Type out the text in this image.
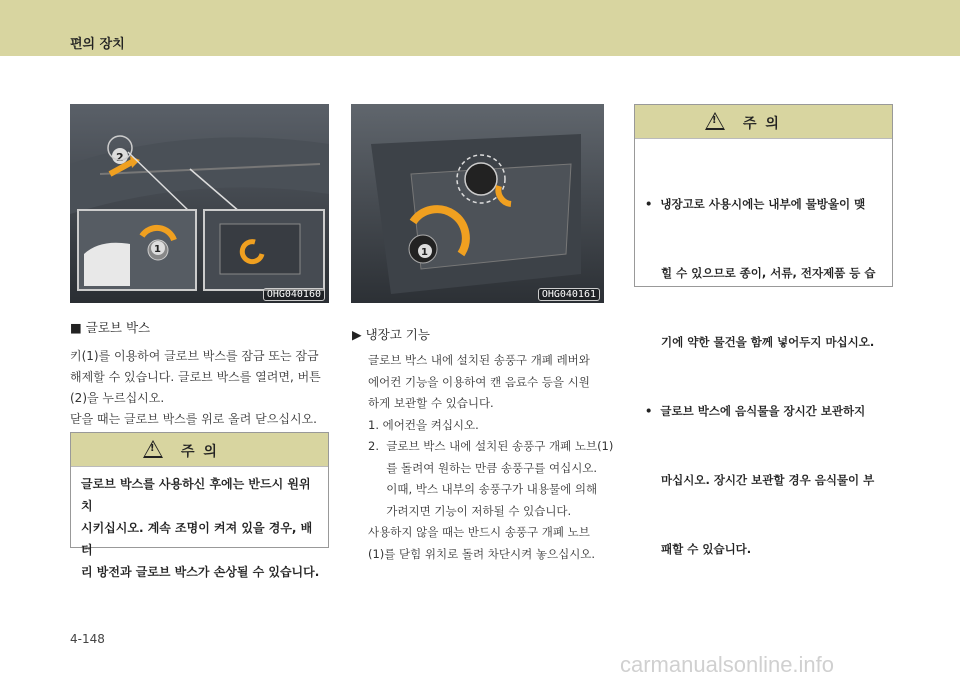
편의 장치
2
1
OHG040160
1
OHG040161
■ 글로브 박스
키(1)를 이용하여 글로브 박스를 잠금 또는 잠금
해제할 수 있습니다. 글로브 박스를 열려면, 버튼
(2)을 누르십시오.
닫을 때는 글로브 박스를 위로 올려 닫으십시오.
! 주 의
글로브 박스를 사용하신 후에는 반드시 원위치
시키십시오. 계속 조명이 켜져 있을 경우, 배터
리 방전과 글로브 박스가 손상될 수 있습니다.
▶ 냉장고 기능
글로브 박스 내에 설치된 송풍구 개폐 레버와
에어컨 기능을 이용하여 캔 음료수 등을 시원
하게 보관할 수 있습니다.
1. 에어컨을 켜십시오.
2.  글로브 박스 내에 설치된 송풍구 개폐 노브(1)
를 돌려여 원하는 만큼 송풍구를 여십시오.
이때, 박스 내부의 송풍구가 내용물에 의해
가려지면 기능이 저하될 수 있습니다.
사용하지 않을 때는 반드시 송풍구 개폐 노브
(1)를 닫힘 위치로 돌려 차단시켜 놓으십시오.
! 주 의

•  냉장고로 사용시에는 내부에 물방울이 맺

힐 수 있으므로 종이, 서류, 전자제품 등 습

기에 약한 물건을 함께 넣어두지 마십시오.

•  글로브 박스에 음식물을 장시간 보관하지

마십시오. 장시간 보관할 경우 음식물이 부

패할 수 있습니다.

4-148
carmanualsonline.info
